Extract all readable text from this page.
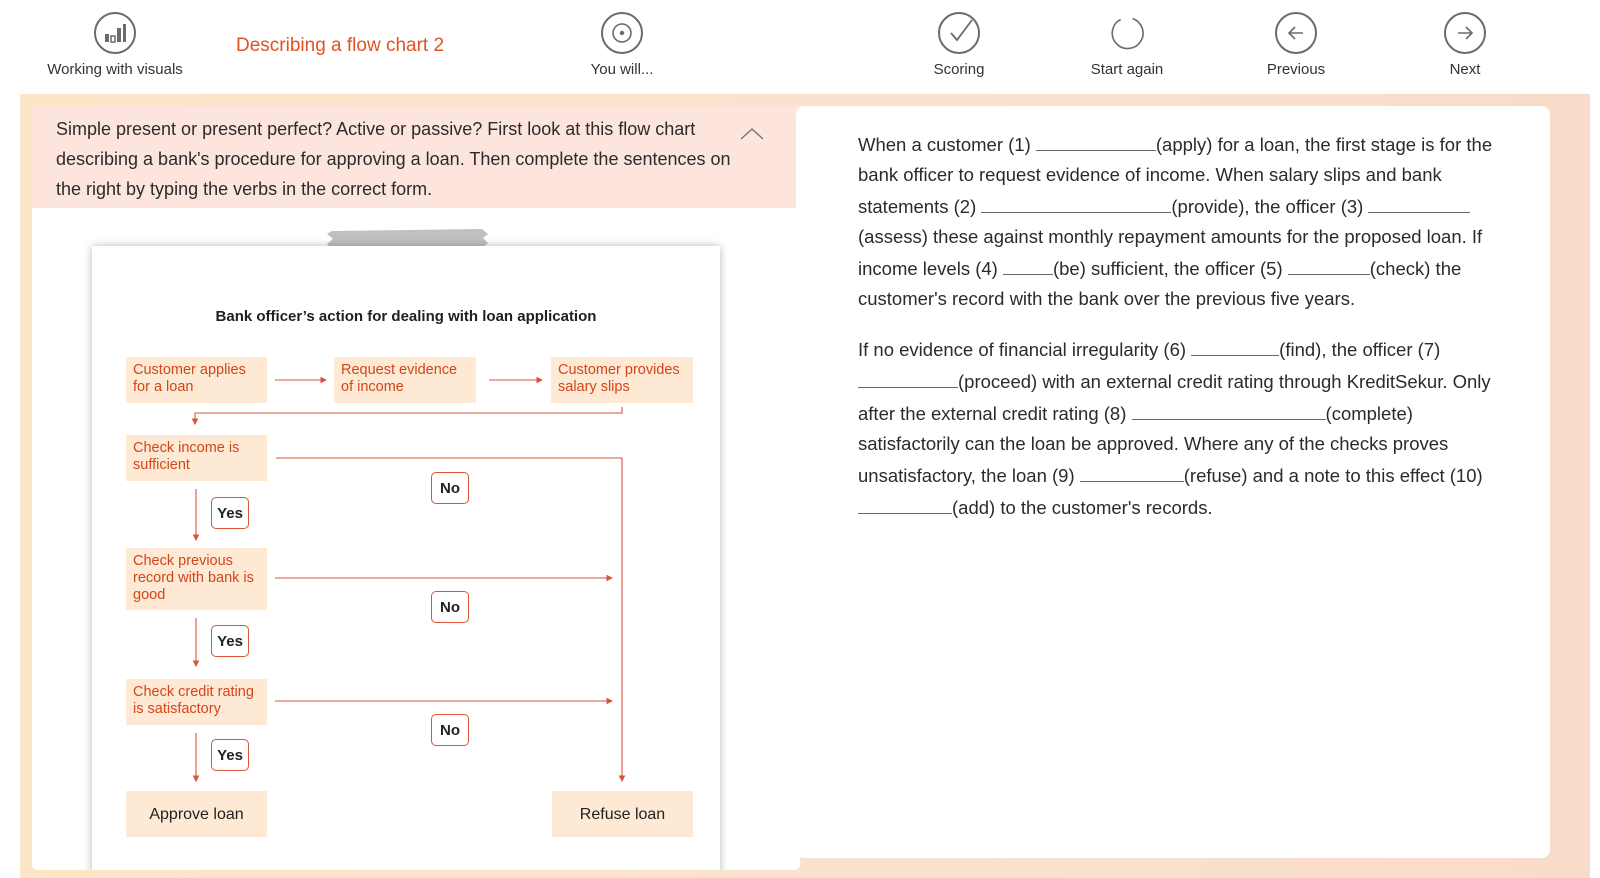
Working with visuals
Describing a flow chart 2
You will...	Scoring	Start again	Previous	Next

Simple present or present perfect? Active or passive? First look at this flow chart describing a bank's procedure for approving a loan. Then complete the sentences on the right by typing the verbs in the correct form.

Bank officer’s action for dealing with loan application
Customer applies for a loan
Request evidence of income
Customer provides salary slips
Check income is sufficient
No
Yes
Check previous record with bank is good
No
Yes
Check credit rating is satisfactory
No
Yes
Approve loan	Refuse loan

When a customer (1)	(apply) for a loan, the first stage is for the bank officer to request evidence of income. When salary slips and bank statements (2)	(provide), the officer (3) (assess) these against monthly repayment amounts for the proposed loan. If income levels (4)	(be) sufficient, the officer (5)	(check) the customer's record with the bank over the previous five years.

If no evidence of financial irregularity (6)	(find), the officer (7) (proceed) with an external credit rating through KreditSekur. Only after the external credit rating (8)	(complete) satisfactorily can the loan be approved. Where any of the checks proves unsatisfactory, the loan (9)	(refuse) and a note to this effect (10) (add) to the customer's records.
